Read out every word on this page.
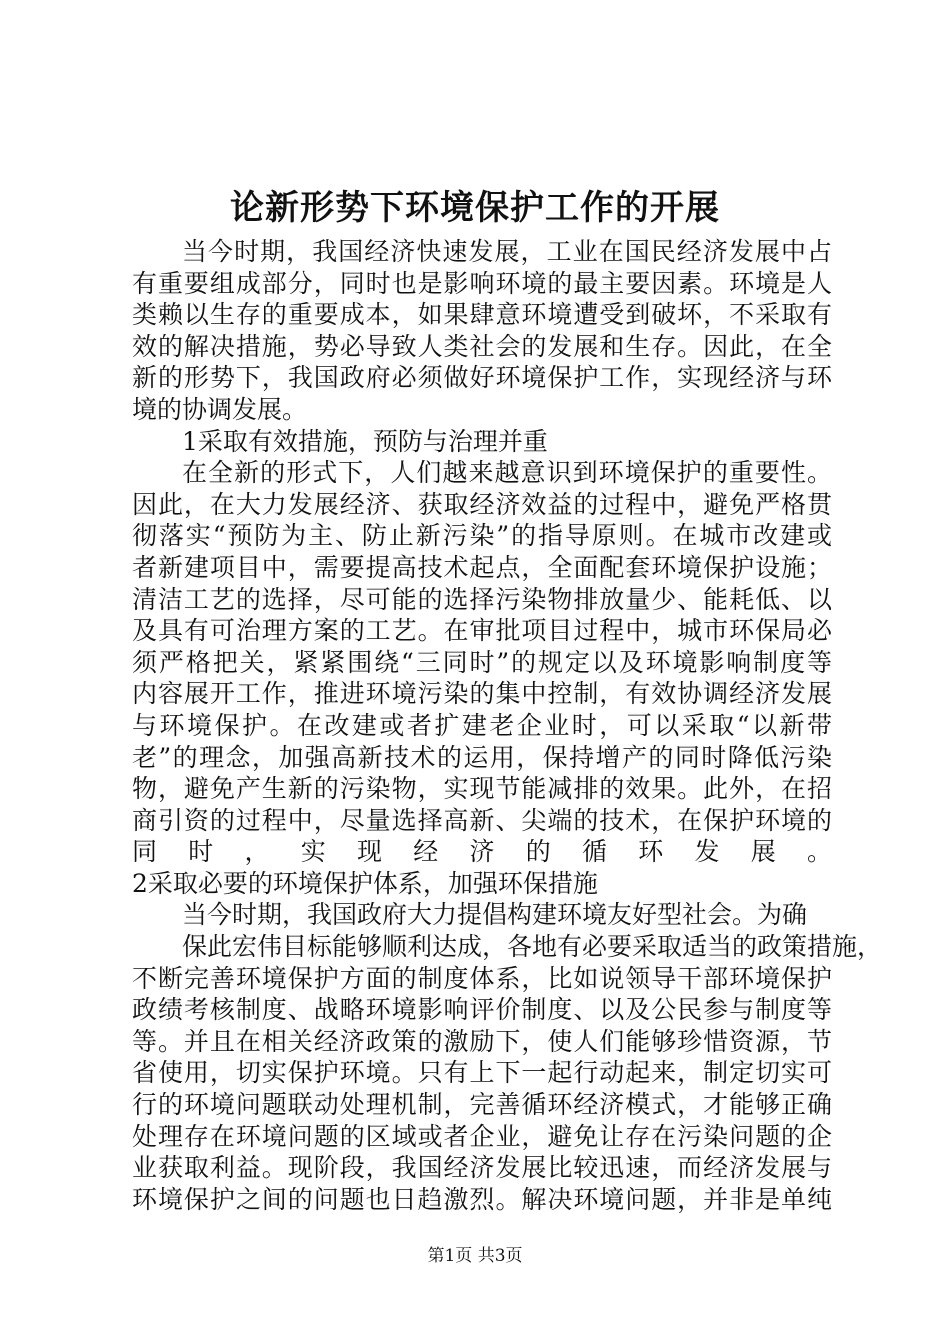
论新形势下环境保护工作的开展
当今时期，我国经济快速发展，工业在国民经济发展中占
有重要组成部分，同时也是影响环境的最主要因素。环境是人
类赖以生存的重要成本，如果肆意环境遭受到破坏，不采取有
效的解决措施，势必导致人类社会的发展和生存。因此，在全
新的形势下，我国政府必须做好环境保护工作，实现经济与环
境的协调发展。
1采取有效措施，预防与治理并重
在全新的形式下，人们越来越意识到环境保护的重要性。
因此，在大力发展经济、获取经济效益的过程中，避免严格贯
彻落实“预防为主、防止新污染”的指导原则。在城市改建或
者新建项目中，需要提高技术起点，全面配套环境保护设施；
清洁工艺的选择，尽可能的选择污染物排放量少、能耗低、以
及具有可治理方案的工艺。在审批项目过程中，城市环保局必
须严格把关，紧紧围绕“三同时”的规定以及环境影响制度等
内容展开工作，推进环境污染的集中控制，有效协调经济发展
与环境保护。在改建或者扩建老企业时，可以采取“以新带
老”的理念，加强高新技术的运用，保持增产的同时降低污染
物，避免产生新的污染物，实现节能减排的效果。此外，在招
商引资的过程中，尽量选择高新、尖端的技术，在保护环境的
同时，实现经济的循环发展。
2采取必要的环境保护体系，加强环保措施
当今时期，我国政府大力提倡构建环境友好型社会。为确
保此宏伟目标能够顺利达成，各地有必要采取适当的政策措施，
不断完善环境保护方面的制度体系，比如说领导干部环境保护
政绩考核制度、战略环境影响评价制度、以及公民参与制度等
等。并且在相关经济政策的激励下，使人们能够珍惜资源，节
省使用，切实保护环境。只有上下一起行动起来，制定切实可
行的环境问题联动处理机制，完善循环经济模式，才能够正确
处理存在环境问题的区域或者企业，避免让存在污染问题的企
业获取利益。现阶段，我国经济发展比较迅速，而经济发展与
环境保护之间的问题也日趋激烈。解决环境问题，并非是单纯
第1页 共3页
